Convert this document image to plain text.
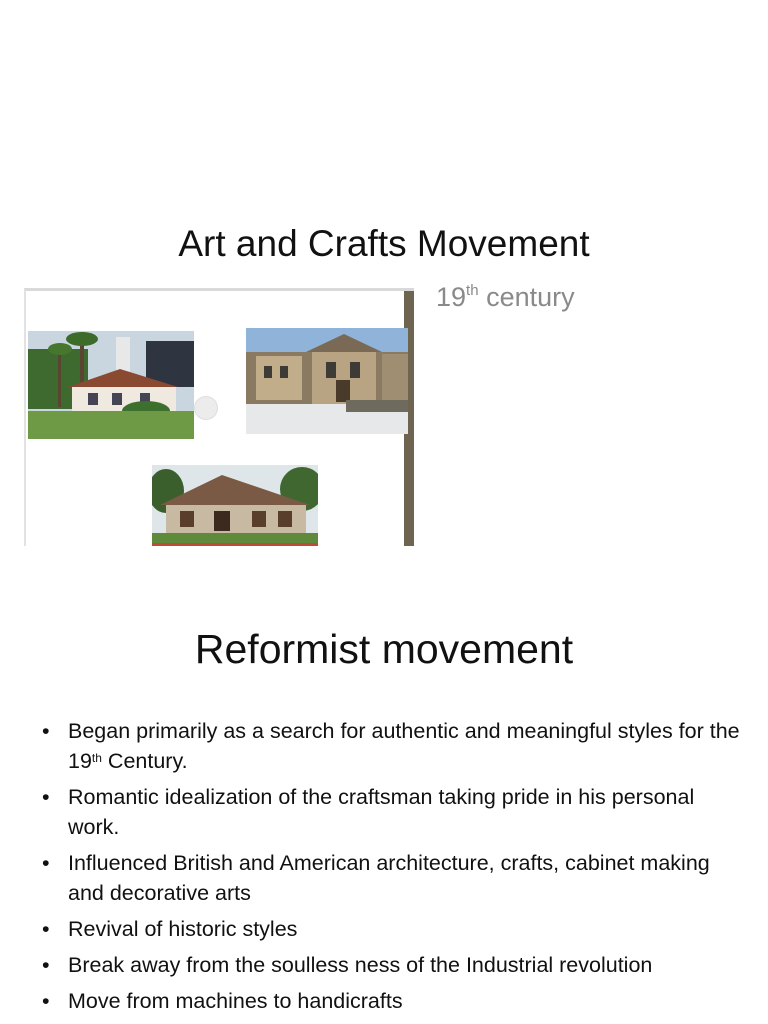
Art and Crafts Movement
19th century
Reformist movement
• Began primarily as a search for authentic and meaningful styles for the 19th Century.
• Romantic idealization of the craftsman taking pride in his personal work.
• Influenced British and American architecture, crafts, cabinet making and decorative arts
• Revival of historic styles
• Break away from the soulless ness of the Industrial revolution
• Move from machines to handicrafts
